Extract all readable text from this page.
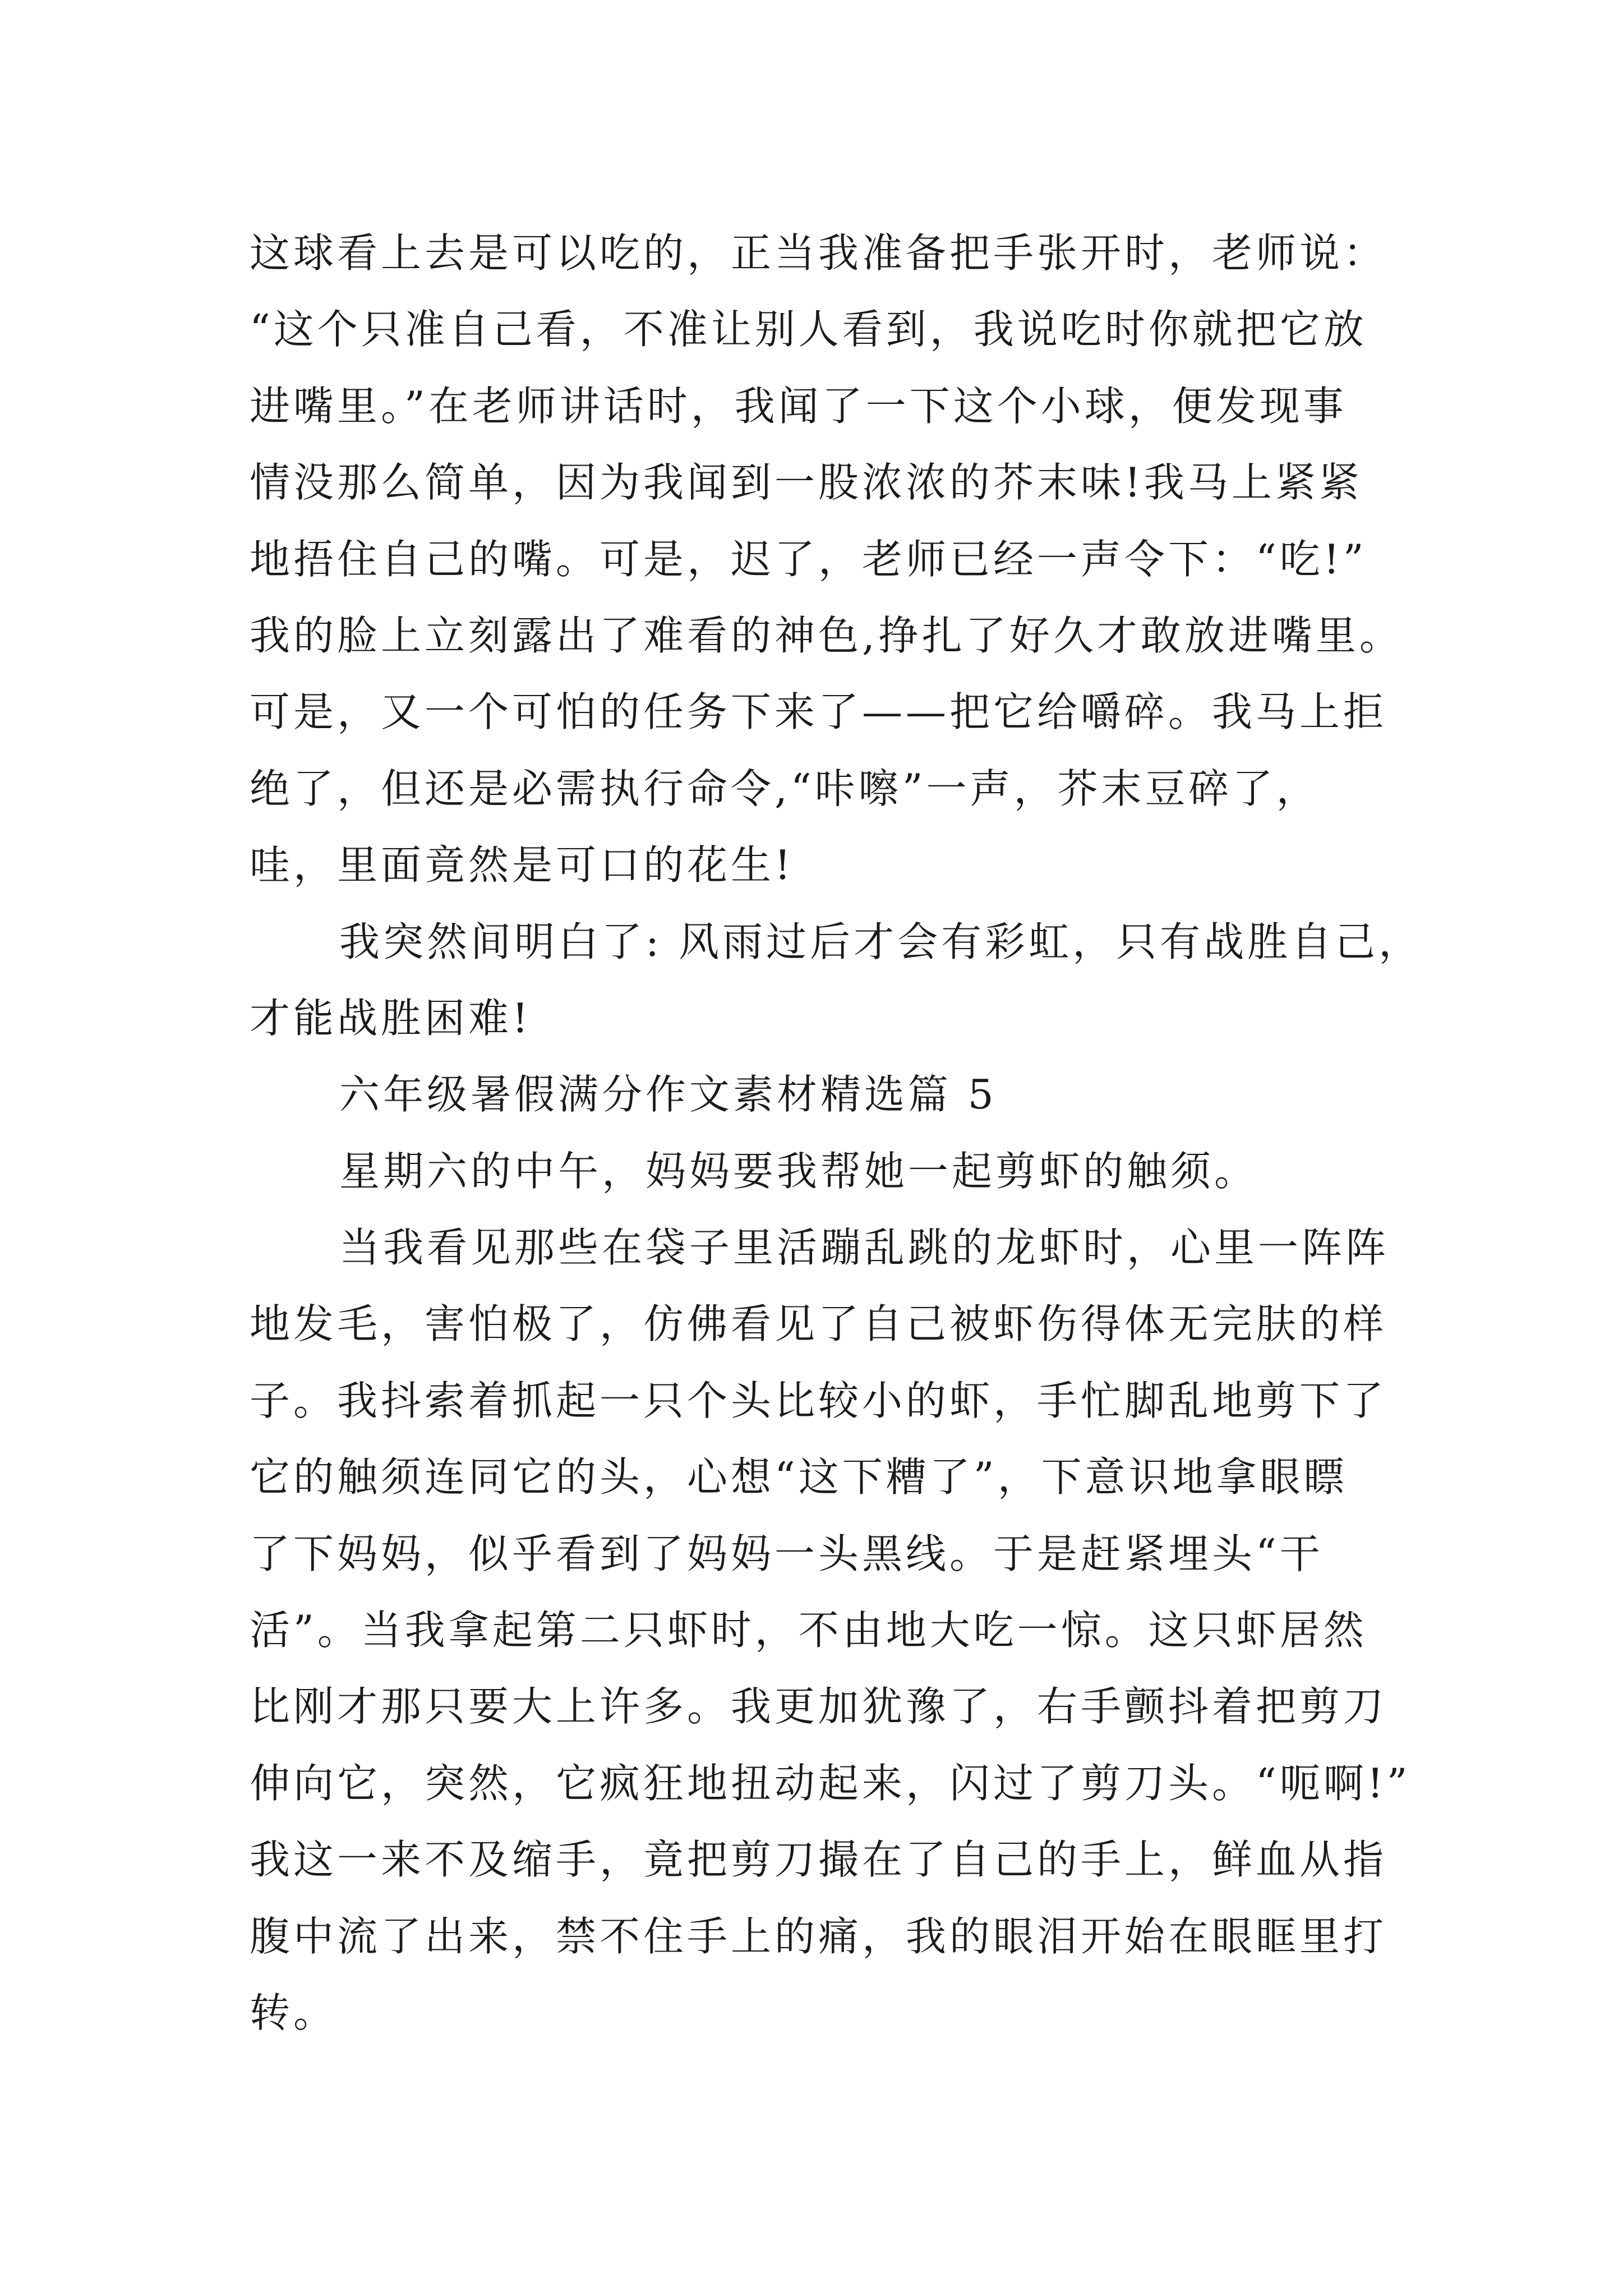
这球看上去是可以吃的，正当我准备把手张开时，老师说：
“这个只准自己看，不准让别人看到，我说吃时你就把它放
进嘴里。”在老师讲话时，我闻了一下这个小球，便发现事
情没那么简单，因为我闻到一股浓浓的芥末味!我马上紧紧
地捂住自己的嘴。可是，迟了，老师已经一声令下：“吃!”
我的脸上立刻露出了难看的神色,挣扎了好久才敢放进嘴里。
可是，又一个可怕的任务下来了——把它给嚼碎。我马上拒
绝了，但还是必需执行命令,“咔嚓”一声，芥末豆碎了，
哇，里面竟然是可口的花生!
我突然间明白了: 风雨过后才会有彩虹，只有战胜自己，
才能战胜困难!
六年级暑假满分作文素材精选篇 5
星期六的中午，妈妈要我帮她一起剪虾的触须。
当我看见那些在袋子里活蹦乱跳的龙虾时，心里一阵阵
地发毛，害怕极了，仿佛看见了自己被虾伤得体无完肤的样
子。我抖索着抓起一只个头比较小的虾，手忙脚乱地剪下了
它的触须连同它的头，心想“这下糟了”，下意识地拿眼瞟
了下妈妈，似乎看到了妈妈一头黑线。于是赶紧埋头“干
活”。当我拿起第二只虾时，不由地大吃一惊。这只虾居然
比刚才那只要大上许多。我更加犹豫了，右手颤抖着把剪刀
伸向它，突然，它疯狂地扭动起来，闪过了剪刀头。“呃啊!”
我这一来不及缩手，竟把剪刀撮在了自己的手上，鲜血从指
腹中流了出来，禁不住手上的痛，我的眼泪开始在眼眶里打
转。
